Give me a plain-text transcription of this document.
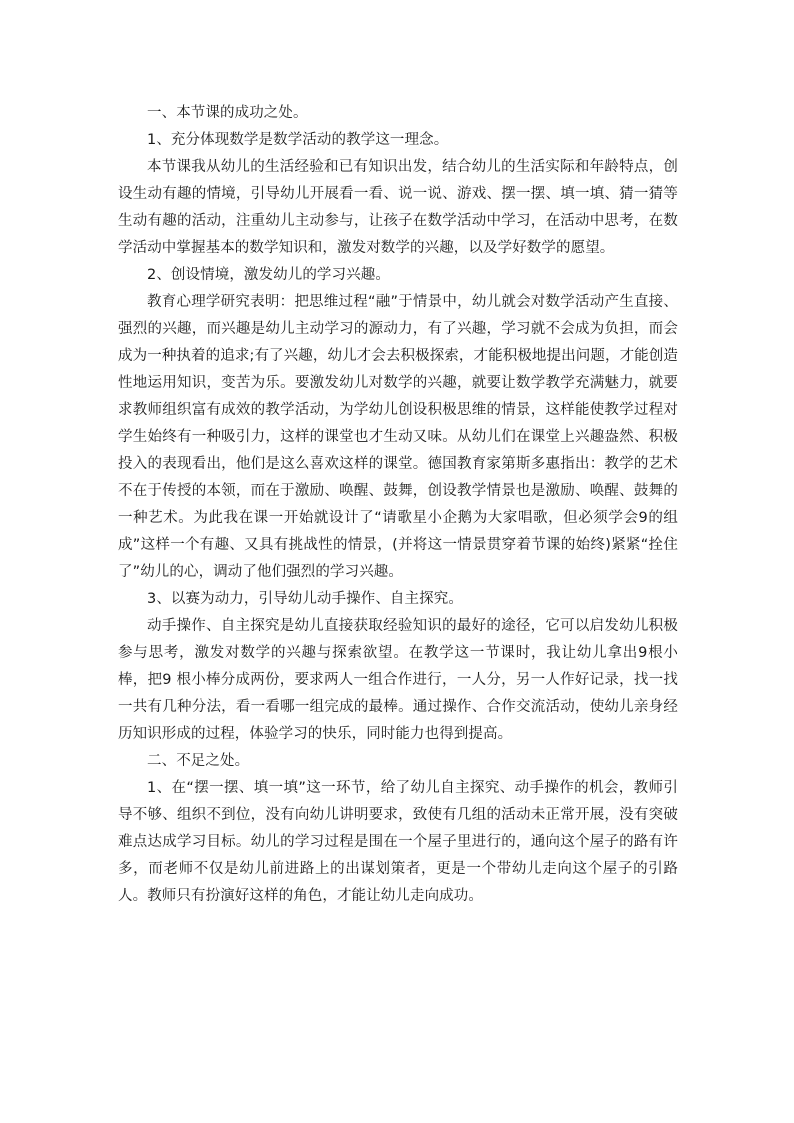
一、本节课的成功之处。

1、充分体现数学是数学活动的教学这一理念。

本节课我从幼儿的生活经验和已有知识出发，结合幼儿的生活实际和年龄特点，创设生动有趣的情境，引导幼儿开展看一看、说一说、游戏、摆一摆、填一填、猜一猜等生动有趣的活动，注重幼儿主动参与，让孩子在数学活动中学习，在活动中思考，在数学活动中掌握基本的数学知识和，激发对数学的兴趣，以及学好数学的愿望。

2、创设情境，激发幼儿的学习兴趣。

教育心理学研究表明：把思维过程“融”于情景中，幼儿就会对数学活动产生直接、强烈的兴趣，而兴趣是幼儿主动学习的源动力，有了兴趣，学习就不会成为负担，而会成为一种执着的追求;有了兴趣，幼儿才会去积极探索，才能积极地提出问题，才能创造性地运用知识，变苦为乐。要激发幼儿对数学的兴趣，就要让数学教学充满魅力，就要求教师组织富有成效的教学活动，为学幼儿创设积极思维的情景，这样能使教学过程对学生始终有一种吸引力，这样的课堂也才生动又味。从幼儿们在课堂上兴趣盎然、积极投入的表现看出，他们是这么喜欢这样的课堂。德国教育家第斯多惠指出：教学的艺术不在于传授的本领，而在于激励、唤醒、鼓舞，创设教学情景也是激励、唤醒、鼓舞的一种艺术。为此我在课一开始就设计了“请歌星小企鹅为大家唱歌，但必须学会9的组成”这样一个有趣、又具有挑战性的情景，(并将这一情景贯穿着节课的始终)紧紧“拴住了”幼儿的心，调动了他们强烈的学习兴趣。

3、以赛为动力，引导幼儿动手操作、自主探究。

动手操作、自主探究是幼儿直接获取经验知识的最好的途径，它可以启发幼儿积极参与思考，激发对数学的兴趣与探索欲望。在教学这一节课时，我让幼儿拿出9根小棒，把9 根小棒分成两份，要求两人一组合作进行，一人分，另一人作好记录，找一找一共有几种分法，看一看哪一组完成的最棒。通过操作、合作交流活动，使幼儿亲身经历知识形成的过程，体验学习的快乐，同时能力也得到提高。

二、不足之处。

1、在“摆一摆、填一填”这一环节，给了幼儿自主探究、动手操作的机会，教师引导不够、组织不到位，没有向幼儿讲明要求，致使有几组的活动未正常开展，没有突破难点达成学习目标。幼儿的学习过程是围在一个屋子里进行的，通向这个屋子的路有许多，而老师不仅是幼儿前进路上的出谋划策者，更是一个带幼儿走向这个屋子的引路人。教师只有扮演好这样的角色，才能让幼儿走向成功。
